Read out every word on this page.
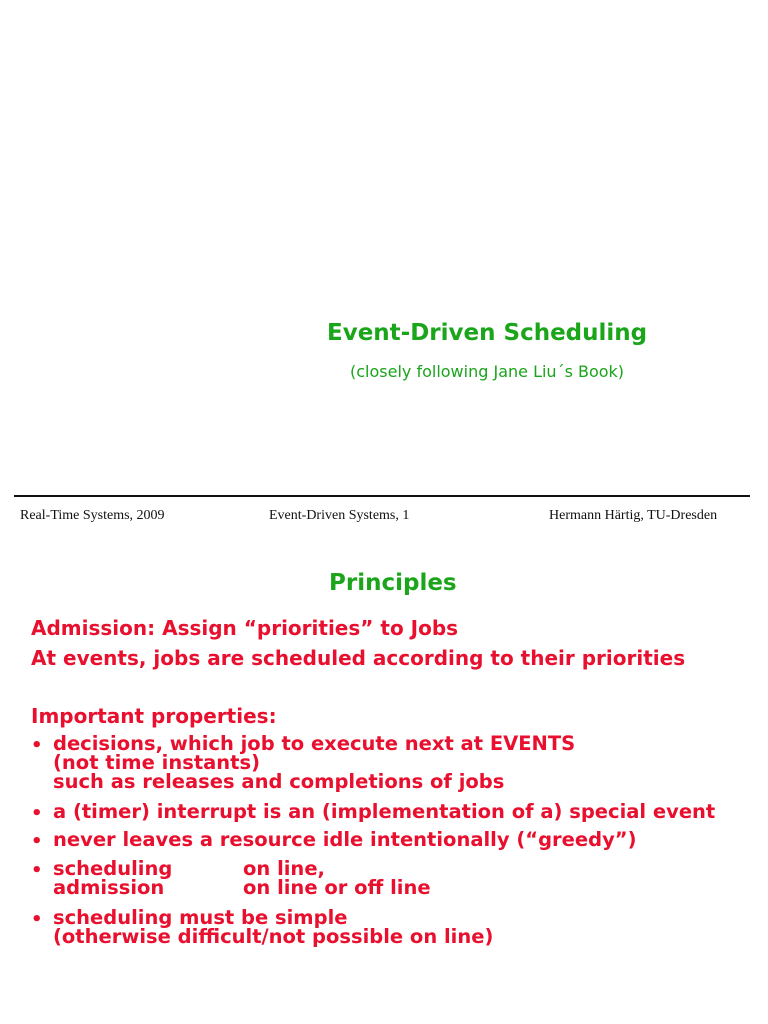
Event-Driven Scheduling
(closely following Jane Liu´s Book)
Real-Time Systems, 2009	Event-Driven Systems, 1	Hermann Härtig, TU-Dresden
Principles
Admission: Assign “priorities” to Jobs
At events, jobs are scheduled according to their priorities
Important properties:
• decisions, which job to execute next at EVENTS
(not time instants)
such as releases and completions of jobs
• a (timer) interrupt is an (implementation of a) special event
• never leaves a resource idle intentionally (“greedy”)
• scheduling	on line,
admission	on line or off line
• scheduling must be simple
(otherwise difficult/not possible on line)
